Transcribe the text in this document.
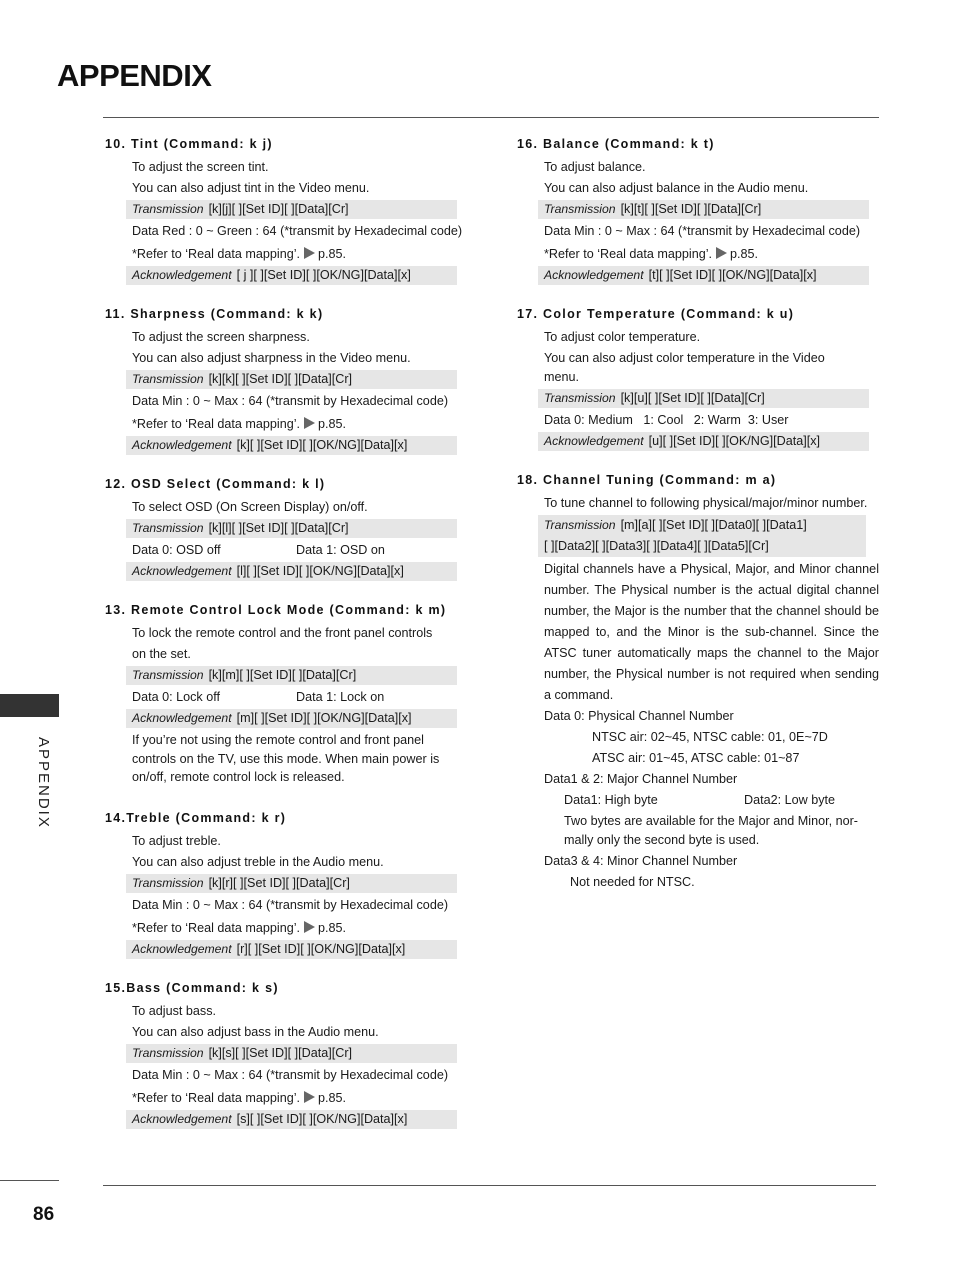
APPENDIX
APPENDIX
86
10. Tint (Command: k j)
To adjust the screen tint.
You can also adjust tint in the Video menu.
Transmission [k][j][ ][Set ID][ ][Data][Cr]
Data Red : 0 ~ Green : 64 (*transmit by Hexadecimal code)
*Refer to ‘Real data mapping’. p.85.
Acknowledgement [ j ][ ][Set ID][ ][OK/NG][Data][x]
11. Sharpness (Command: k k)
To adjust the screen sharpness.
You can also adjust sharpness in the Video menu.
Transmission [k][k][ ][Set ID][ ][Data][Cr]
Data Min : 0 ~ Max : 64 (*transmit by Hexadecimal code)
*Refer to ‘Real data mapping’. p.85.
Acknowledgement [k][ ][Set ID][ ][OK/NG][Data][x]
12. OSD Select (Command: k l)
To select OSD (On Screen Display) on/off.
Transmission [k][l][ ][Set ID][ ][Data][Cr]
Data 0: OSD off	Data 1: OSD on
Acknowledgement [l][ ][Set ID][ ][OK/NG][Data][x]
13. Remote Control Lock Mode (Command: k m)
To lock the remote control and the front panel controls
on the set.
Transmission [k][m][ ][Set ID][ ][Data][Cr]
Data 0: Lock off	Data 1: Lock on
Acknowledgement [m][ ][Set ID][ ][OK/NG][Data][x]
If you’re not using the remote control and front panel
controls on the TV, use this mode. When main power is
on/off, remote control lock is released.
14.Treble (Command: k r)
To adjust treble.
You can also adjust treble in the Audio menu.
Transmission [k][r][ ][Set ID][ ][Data][Cr]
Data Min : 0 ~ Max : 64 (*transmit by Hexadecimal code)
*Refer to ‘Real data mapping’. p.85.
Acknowledgement [r][ ][Set ID][ ][OK/NG][Data][x]
15.Bass (Command: k s)
To adjust bass.
You can also adjust bass in the Audio menu.
Transmission [k][s][ ][Set ID][ ][Data][Cr]
Data Min : 0 ~ Max : 64 (*transmit by Hexadecimal code)
*Refer to ‘Real data mapping’. p.85.
Acknowledgement [s][ ][Set ID][ ][OK/NG][Data][x]
16. Balance (Command: k t)
To adjust balance.
You can also adjust balance in the Audio menu.
Transmission [k][t][ ][Set ID][ ][Data][Cr]
Data Min : 0 ~ Max : 64 (*transmit by Hexadecimal code)
*Refer to ‘Real data mapping’. p.85.
Acknowledgement [t][ ][Set ID][ ][OK/NG][Data][x]
17. Color Temperature (Command: k u)
To adjust color temperature.
You can also adjust color temperature in the Video
menu.
Transmission [k][u][ ][Set ID][ ][Data][Cr]
Data 0: Medium   1: Cool   2: Warm  3: User
Acknowledgement [u][ ][Set ID][ ][OK/NG][Data][x]
18. Channel Tuning (Command: m a)
To tune channel to following physical/major/minor number.
Transmission [m][a][ ][Set ID][ ][Data0][ ][Data1]
[ ][Data2][ ][Data3][ ][Data4][ ][Data5][Cr]
Digital channels have a Physical, Major, and Minor channel number. The Physical number is the actual digital channel number, the Major is the number that the channel should be mapped to, and the Minor is the sub-channel. Since the ATSC tuner automatically maps the channel to the Major number, the Physical number is not required when sending a command.
Data 0: Physical Channel Number
NTSC air: 02~45, NTSC cable: 01, 0E~7D
ATSC air: 01~45, ATSC cable: 01~87
Data1 & 2: Major Channel Number
Data1: High byte	Data2: Low byte
Two bytes are available for the Major and Minor, nor-
mally only the second byte is used.
Data3 & 4: Minor Channel Number
Not needed for NTSC.
